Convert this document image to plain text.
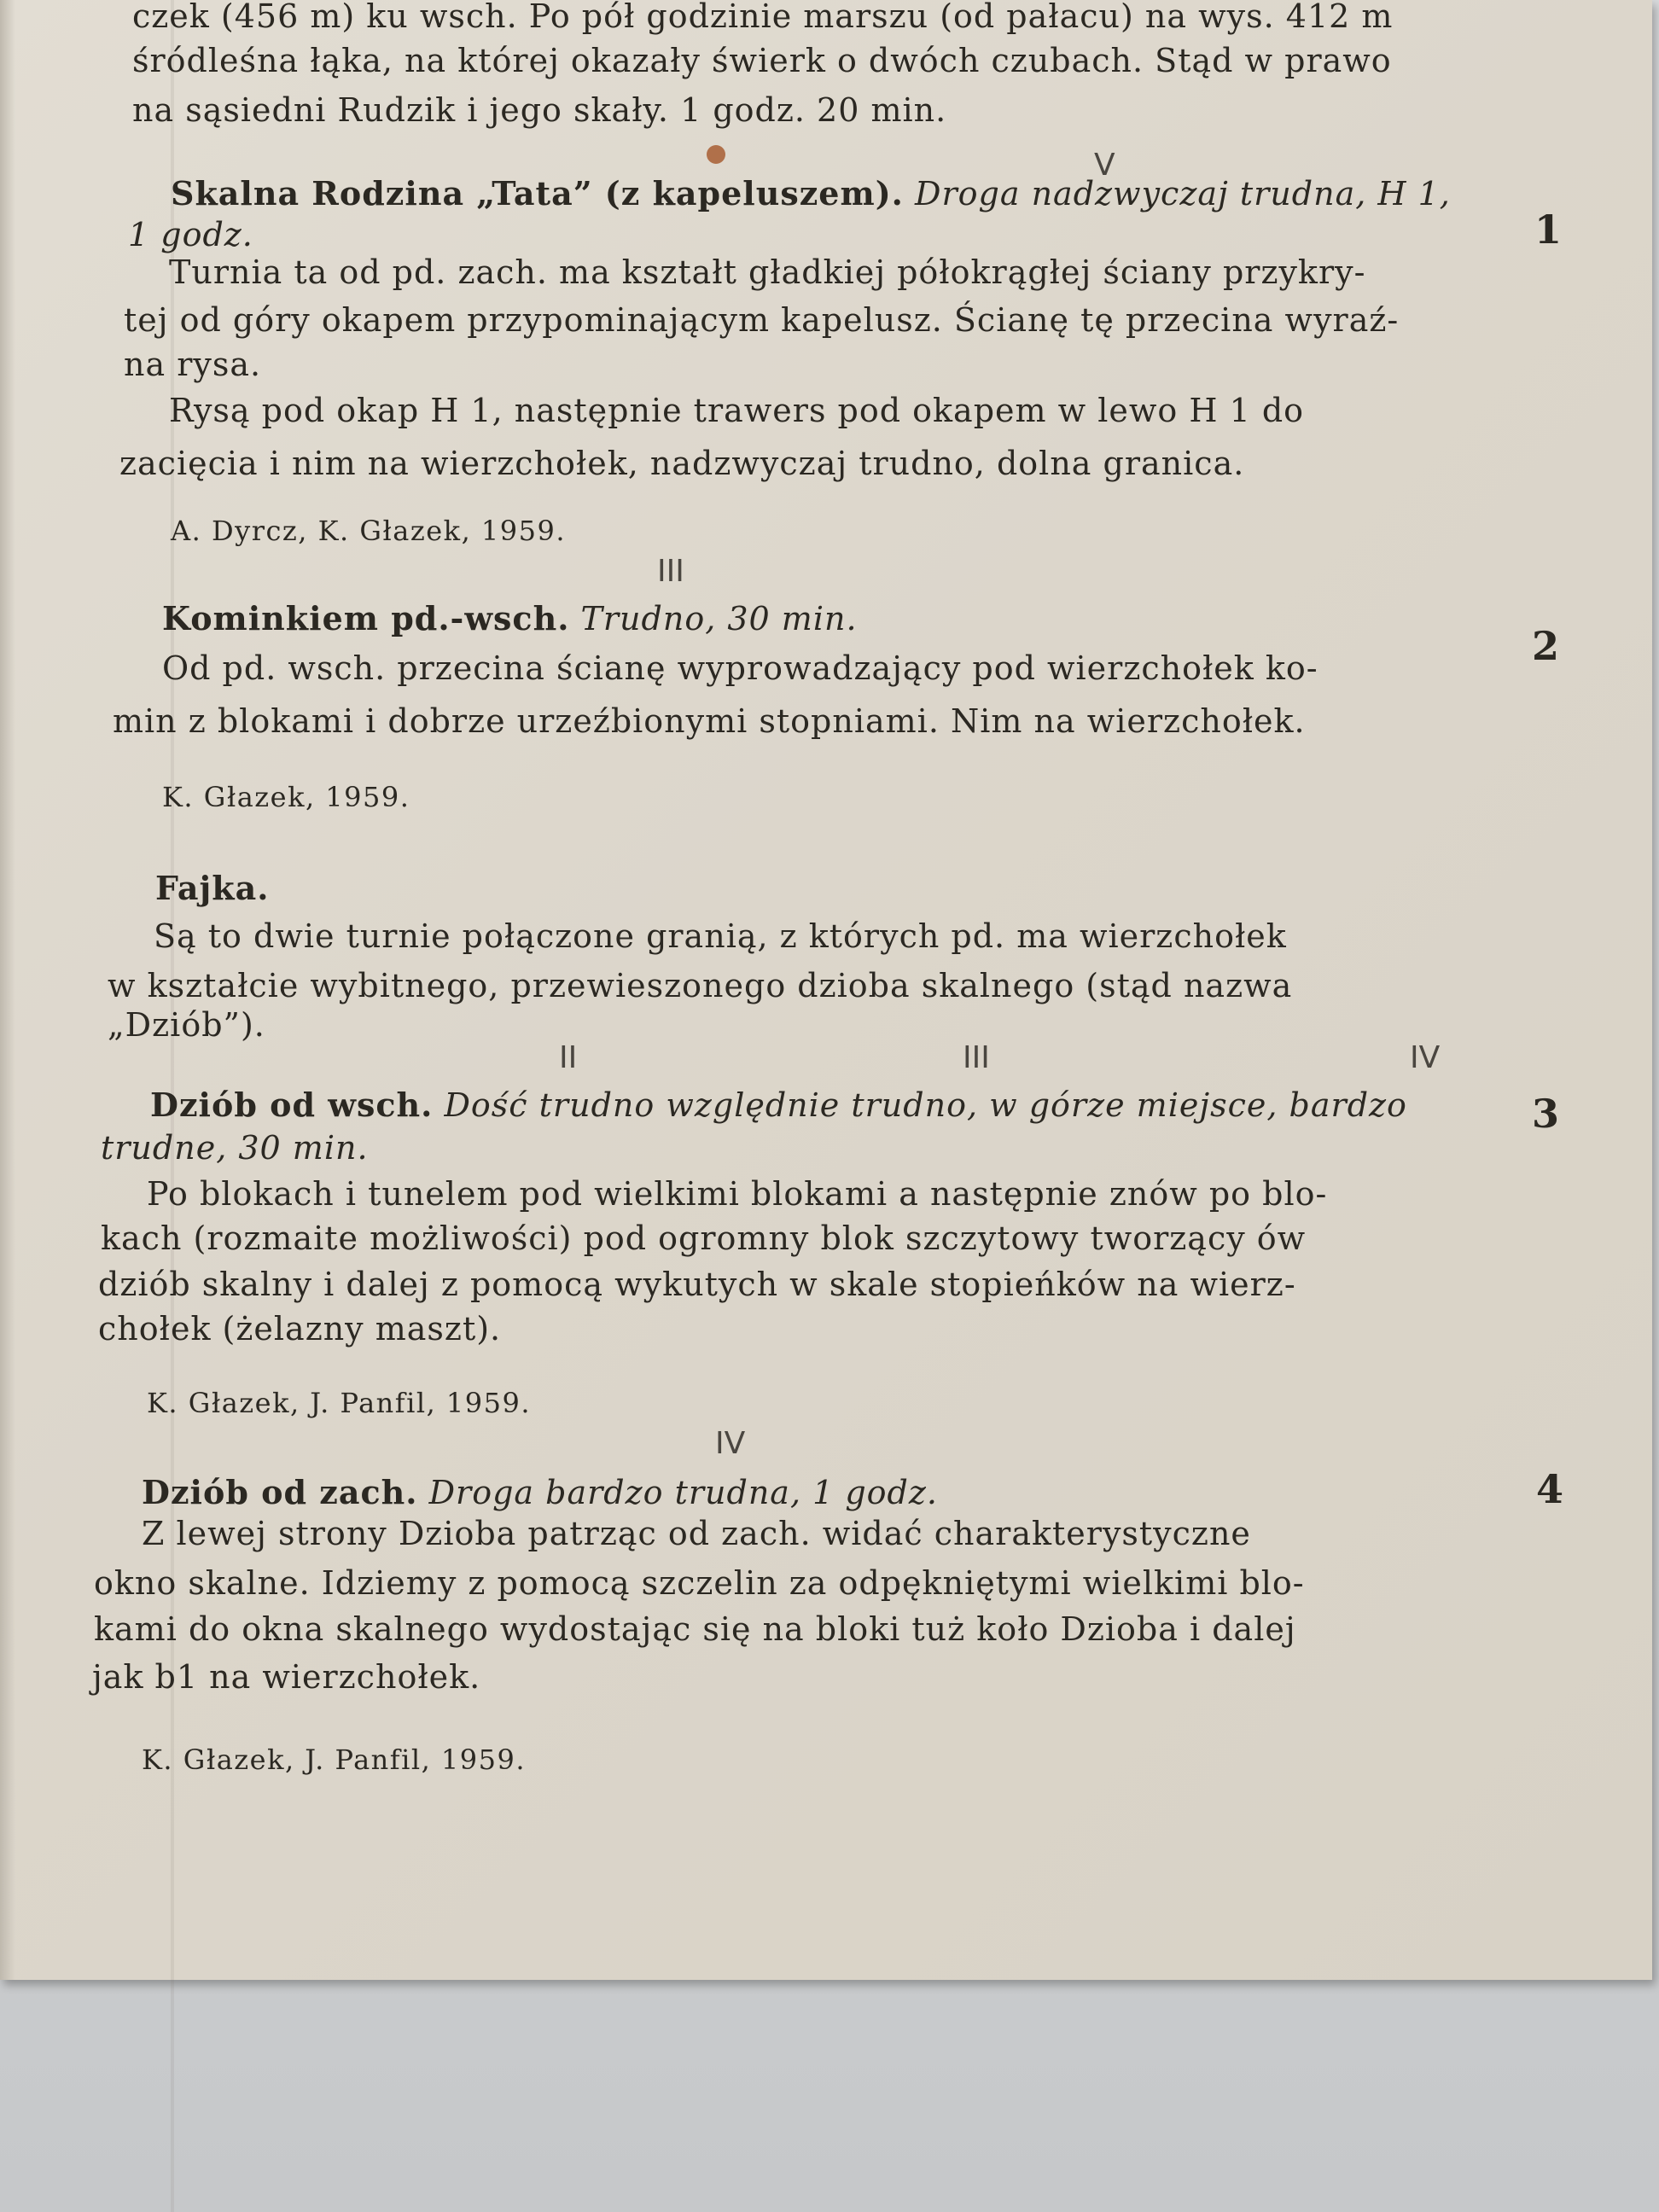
czek (456 m) ku wsch. Po pół godzinie marszu (od pałacu) na wys. 412 m
śródleśna łąka, na której okazały świerk o dwóch czubach. Stąd w prawo
na sąsiedni Rudzik i jego skały. 1 godz. 20 min.
V
Skalna Rodzina „Tata” (z kapeluszem). Droga nadzwyczaj trudna, H 1,
1 godz.	1
Turnia ta od pd. zach. ma kształt gładkiej półokrągłej ściany przykry-
tej od góry okapem przypominającym kapelusz. Ścianę tę przecina wyraź-
na rysa.
Rysą pod okap H 1, następnie trawers pod okapem w lewo H 1 do
zacięcia i nim na wierzchołek, nadzwyczaj trudno, dolna granica.
A. Dyrcz, K. Głazek, 1959.
III
Kominkiem pd.-wsch. Trudno, 30 min.
2
Od pd. wsch. przecina ścianę wyprowadzający pod wierzchołek ko-
min z blokami i dobrze urzeźbionymi stopniami. Nim na wierzchołek.
K. Głazek, 1959.
Fajka.
Są to dwie turnie połączone granią, z których pd. ma wierzchołek
w kształcie wybitnego, przewieszonego dzioba skalnego (stąd nazwa
„Dziób”).
II	III	IV
Dziób od wsch. Dość trudno względnie trudno, w górze miejsce, bardzo
trudne, 30 min.
3
Po blokach i tunelem pod wielkimi blokami a następnie znów po blo-
kach (rozmaite możliwości) pod ogromny blok szczytowy tworzący ów
dziób skalny i dalej z pomocą wykutych w skale stopieńków na wierz-
chołek (żelazny maszt).
K. Głazek, J. Panfil, 1959.
IV
Dziób od zach. Droga bardzo trudna, 1 godz.	4
Z lewej strony Dzioba patrząc od zach. widać charakterystyczne
okno skalne. Idziemy z pomocą szczelin za odpękniętymi wielkimi blo-
kami do okna skalnego wydostając się na bloki tuż koło Dzioba i dalej
jak b1 na wierzchołek.
K. Głazek, J. Panfil, 1959.
